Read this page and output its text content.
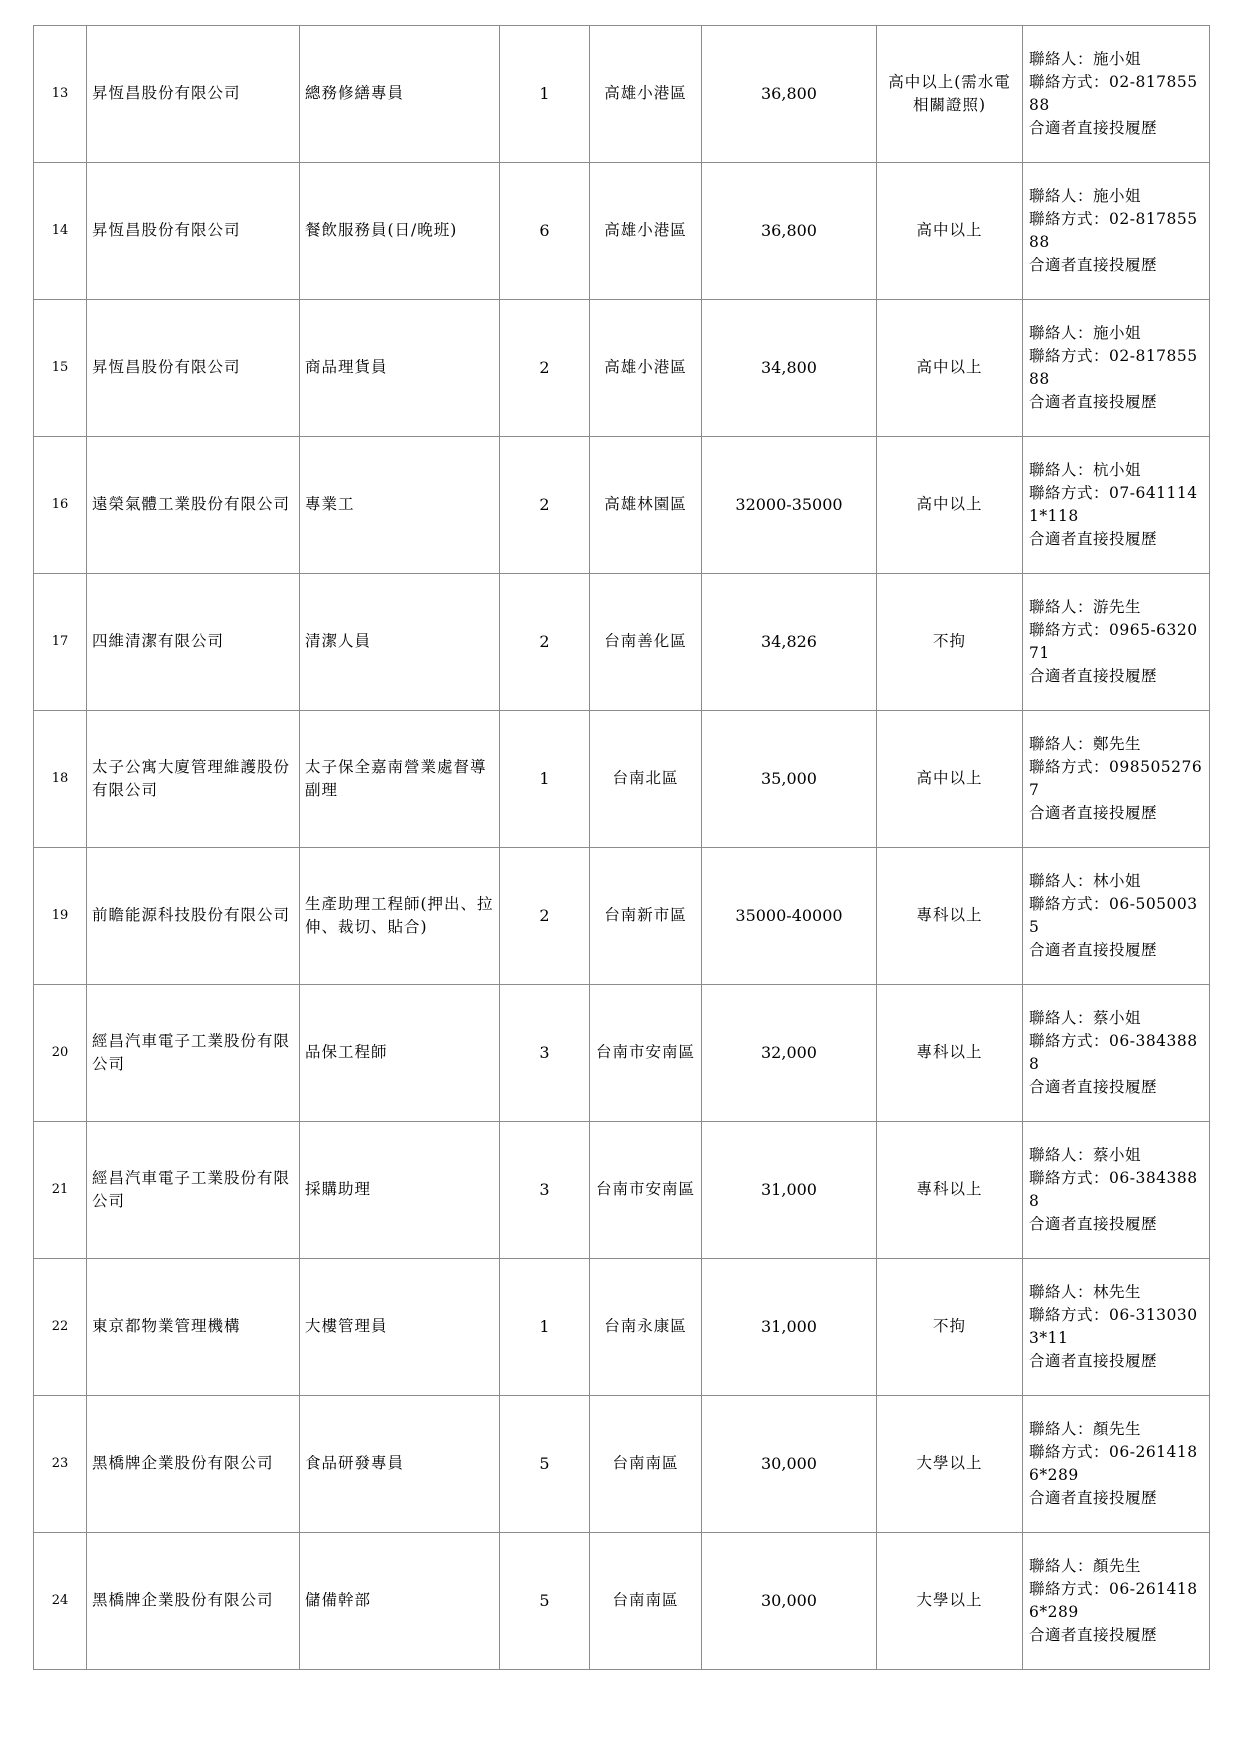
13	昇恆昌股份有限公司	總務修繕專員	1	高雄小港區	36,800	高中以上(需水電相關證照)	聯絡人：施小姐
聯絡方式：02-81785588
合適者直接投履歷

14	昇恆昌股份有限公司	餐飲服務員(日/晚班)	6	高雄小港區	36,800	高中以上	聯絡人：施小姐
聯絡方式：02-81785588
合適者直接投履歷

15	昇恆昌股份有限公司	商品理貨員	2	高雄小港區	34,800	高中以上	聯絡人：施小姐
聯絡方式：02-81785588
合適者直接投履歷

16	遠榮氣體工業股份有限公司	專業工	2	高雄林園區	32000-35000	高中以上	聯絡人：杭小姐
聯絡方式：07-6411141*118
合適者直接投履歷

17	四維清潔有限公司	清潔人員	2	台南善化區	34,826	不拘	聯絡人：游先生
聯絡方式：0965-632071
合適者直接投履歷

18	太子公寓大廈管理維護股份有限公司	太子保全嘉南營業處督導副理	1	台南北區	35,000	高中以上	聯絡人：鄭先生
聯絡方式：0985052767
合適者直接投履歷

19	前瞻能源科技股份有限公司	生產助理工程師(押出、拉伸、裁切、貼合)	2	台南新市區	35000-40000	專科以上	聯絡人：林小姐
聯絡方式：06-5050035
合適者直接投履歷

20	經昌汽車電子工業股份有限公司	品保工程師	3	台南市安南區	32,000	專科以上	聯絡人：蔡小姐
聯絡方式：06-3843888
合適者直接投履歷

21	經昌汽車電子工業股份有限公司	採購助理	3	台南市安南區	31,000	專科以上	聯絡人：蔡小姐
聯絡方式：06-3843888
合適者直接投履歷

22	東京都物業管理機構	大樓管理員	1	台南永康區	31,000	不拘	聯絡人：林先生
聯絡方式：06-3130303*11
合適者直接投履歷

23	黑橋牌企業股份有限公司	食品研發專員	5	台南南區	30,000	大學以上	聯絡人：顏先生
聯絡方式：06-2614186*289
合適者直接投履歷

24	黑橋牌企業股份有限公司	儲備幹部	5	台南南區	30,000	大學以上	聯絡人：顏先生
聯絡方式：06-2614186*289
合適者直接投履歷
